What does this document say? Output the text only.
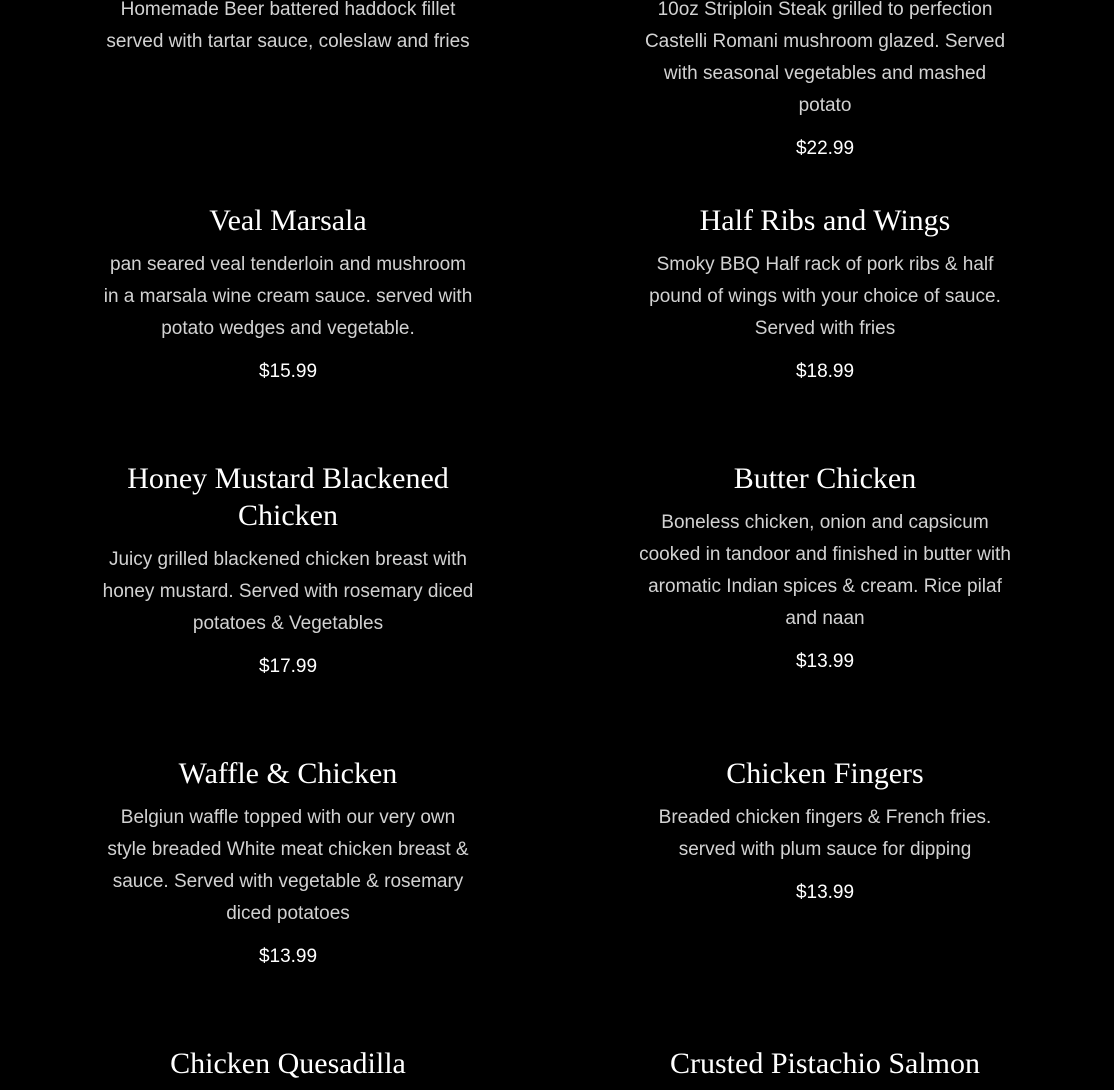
Homemade Beer battered haddock fillet served with tartar sauce, coleslaw and fries

10oz Striploin Steak grilled to perfection Castelli Romani mushroom glazed. Served with seasonal vegetables and mashed potato

$22.99
Veal Marsala

pan seared veal tenderloin and mushroom in a marsala wine cream sauce. served with potato wedges and vegetable.

$15.99
Half Ribs and Wings

Smoky BBQ Half rack of pork ribs & half pound of wings with your choice of sauce. Served with fries

$18.99
Honey Mustard Blackened Chicken

Juicy grilled blackened chicken breast with honey mustard. Served with rosemary diced potatoes & Vegetables

$17.99
Butter Chicken

Boneless chicken, onion and capsicum cooked in tandoor and finished in butter with aromatic Indian spices & cream. Rice pilaf and naan

$13.99
Waffle & Chicken

Belgiun waffle topped with our very own style breaded White meat chicken breast & sauce. Served with vegetable & rosemary diced potatoes

$13.99
Chicken Fingers

Breaded chicken fingers & French fries. served with plum sauce for dipping

$13.99
Chicken Quesadilla	Crusted Pistachio Salmon
